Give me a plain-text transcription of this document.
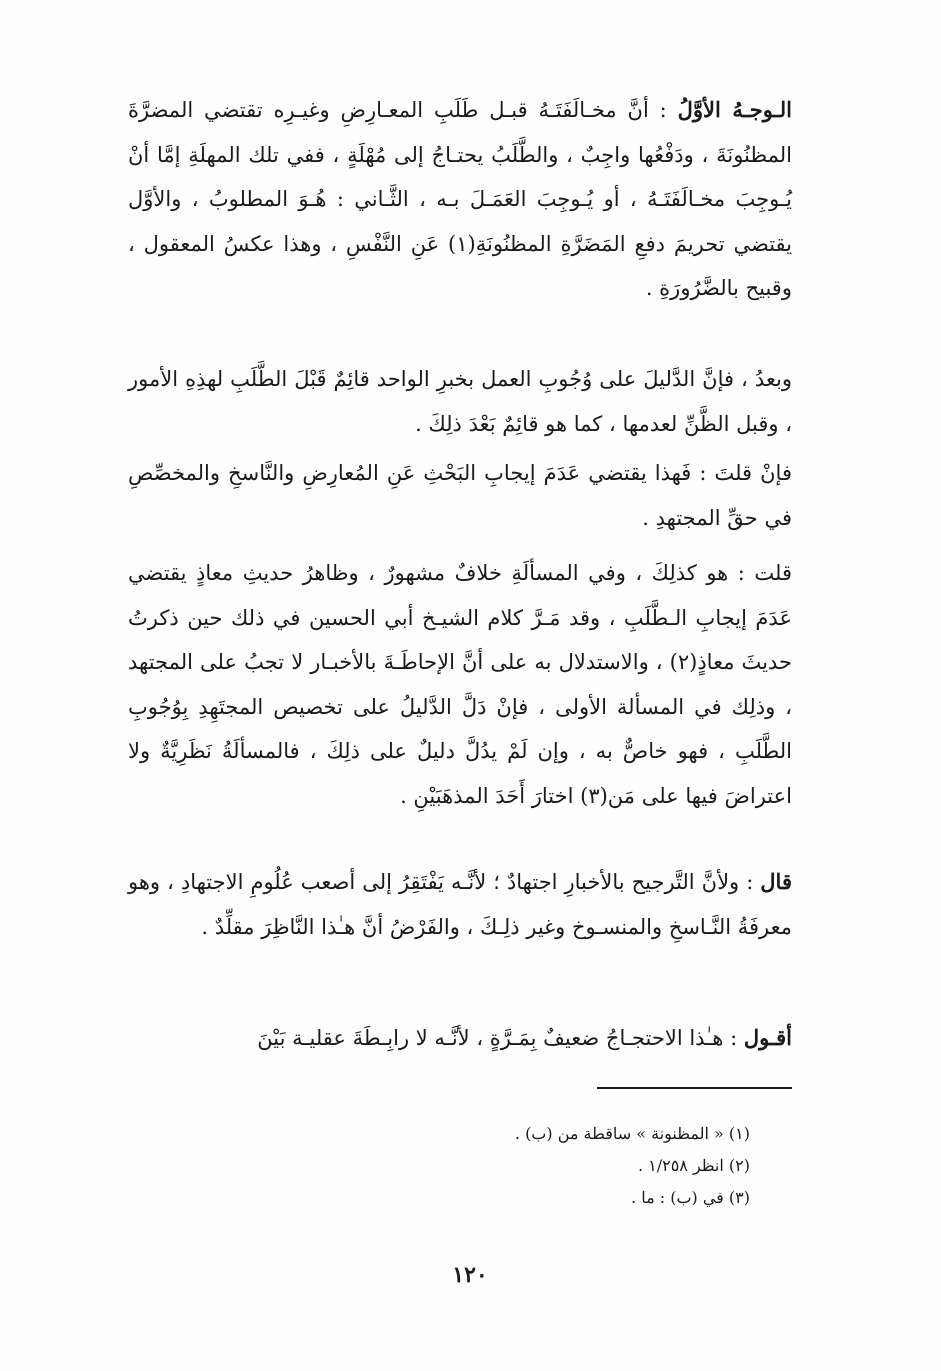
الـوجـهُ الأوَّلُ : أنَّ مخـالَفَتَـهُ قبـل طَلَبِ المعـارِضِ وغيـرِه تقتضي المضرَّةَ المظنُونَةَ ، ودَفْعُها واجِبٌ ، والطَّلَبُ يحتـاجُ إلى مُهْلَةٍ ، ففي تلك المهلَةِ إمَّا أنْ يُـوجِبَ مخـالَفَتَـهُ ، أو يُـوجِبَ العَمَـلَ بـه ، الثَّـاني : هُـوَ المطلوبُ ، والأوَّل يقتضي تحريمَ دفعِ المَضَرَّةِ المظنُونَةِ(١) عَنِ النَّفْسِ ، وهذا عكسُ المعقول ، وقبيح بالضَّرُورَةِ .

وبعدُ ، فإنَّ الدَّليلَ على وُجُوبِ العمل بخبرِ الواحد قائِمٌ قَبْلَ الطَّلَبِ لهذِهِ الأمور ، وقبل الظَّنِّ لعدمها ، كما هو قائِمٌ بَعْدَ ذلِكَ .

فإنْ قلتَ : فَهذا يقتضي عَدَمَ إيجابِ البَحْثِ عَنِ المُعارِضِ والنَّاسخِ والمخصِّصِ في حقِّ المجتهدِ .

قلت : هو كذلِكَ ، وفي المسألَةِ خلافٌ مشهورٌ ، وظاهرُ حديثِ معاذٍ يقتضي عَدَمَ إيجابِ الـطَّلَبِ ، وقد مَـرَّ كلام الشيـخ أبي الحسين في ذلك حين ذكرتُ حديثَ معاذٍ(٢) ، والاستدلال به على أنَّ الإحاطَـةَ بالأخبـار لا تجبُ على المجتهد ، وذلِك في المسألة الأولى ، فإنْ دَلَّ الدَّليلُ على تخصيص المجتَهِدِ بِوُجُوبِ الطَّلَبِ ، فهو خاصٌّ به ، وإن لَمْ يدُلَّ دليلٌ على ذلِكَ ، فالمسألَةُ نَظَرِيَّةٌ ولا اعتراضَ فيها على مَن(٣) اختارَ أَحَدَ المذهَبَيْنِ .

قال : ولأنَّ التَّرجيح بالأخبارِ اجتهادٌ ؛ لأنَّـه يَفْتَقِرُ إلى أصعب عُلُومِ الاجتهادِ ، وهو معرفَةُ النَّـاسخِ والمنسـوخ وغير ذلِـكَ ، والفَرْضُ أنَّ هـٰذا النَّاظِرَ مقلِّدٌ .

أقـول : هـٰذا الاحتجـاجُ ضعيفٌ بِمَـرَّةٍ ، لأنَّـه لا رابِـطَةَ عقليـة بَيْنَ

(١) « المظنونة » ساقطة من (ب) .

(٢) انظر ١/٢٥٨ .

(٣) في (ب) : ما .

١٢٠
